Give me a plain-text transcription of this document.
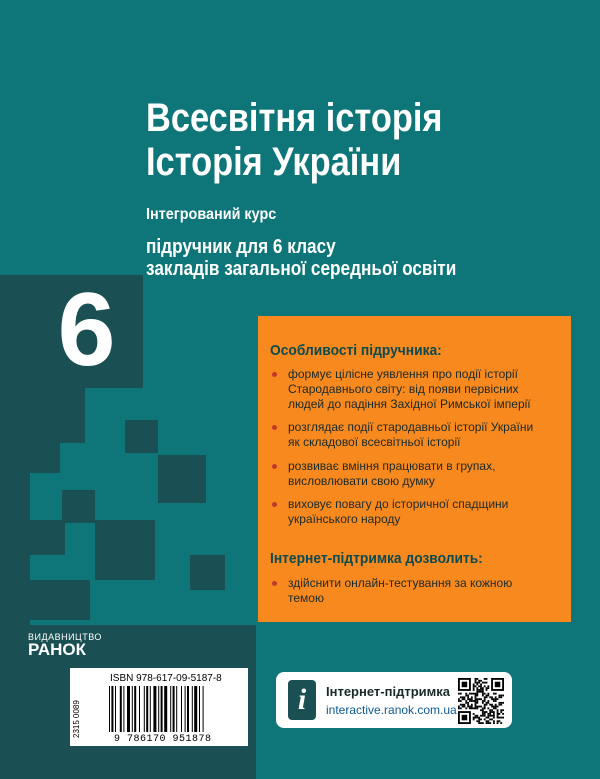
Всесвітня історія
Історія України
Інтегрований курс
підручник для 6 класу
закладів загальної середньої освіти
6	Особливості підручника:
формує цілісне уявлення про події історії
Стародавнього світу: від появи первісних
людей до падіння Західної Римської імперії
розглядає події стародавньої історії України
як складової всесвітньої історії
розвиває вміння працювати в групах,
висловлювати свою думку
виховує повагу до історичної спадщини
українського народу
Інтернет-підтримка дозволить:
здійснити онлайн-тестування за кожною
темою
ВИДАВНИЦТВО
РАНОК
2315 0089
ISBN 978-617-09-5187-8
9 786170 951878
i	Інтернет-підтримка
interactive.ranok.com.ua
